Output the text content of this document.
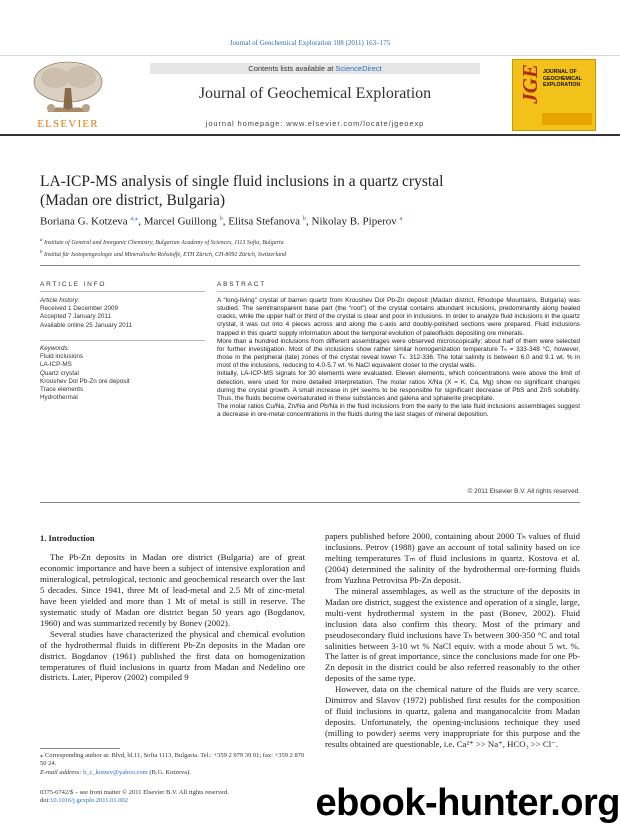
Journal of Geochemical Exploration 108 (2011) 163–175
ELSEVIER
Contents lists available at ScienceDirect
Journal of Geochemical Exploration
journal homepage: www.elsevier.com/locate/jgeoexp
JGE JOURNAL OF GEOCHEMICAL EXPLORATION
LA-ICP-MS analysis of single fluid inclusions in a quartz crystal
(Madan ore district, Bulgaria)
Boriana G. Kotzeva $^{a,⁎}$, Marcel Guillong $^b$, Elitsa Stefanova $^b$, Nikolay B. Piperov $^a$
$^a$ Institute of General and Inorganic Chemistry, Bulgarian Academy of Sciences, 1113 Sofia, Bulgaria
$^b$ Institut für Isotopengeologie und Mineralische Rohstoffe, ETH Zürich, CH-8092 Zürich, Switzerland
ARTICLE INFO	ABSTRACT
Article history:
Received 1 December 2009
Accepted 7 January 2011
Available online 25 January 2011
Keywords:
Fluid inclusions
LA-ICP-MS
Quartz crystal
Kroushev Dol Pb-Zn ore deposit
Trace elements
Hydrothermal

A “long-living” crystal of barren quartz from Kroushev Dol Pb-Zn deposit (Madan district, Rhodope Mountains, Bulgaria) was studied. The semitransparent base part (the “root”) of the crystal contains abundant inclusions, predominantly along healed cracks, while the upper half or third of the crystal is clear and poor in inclusions. In order to analyze fluid inclusions in the quartz crystal, it was cut into 4 pieces across and along the c-axis and doubly-polished sections were prepared. Fluid inclusions trapped in this quartz supply information about the temporal evolution of paleofluids depositing ore minerals.

More than a hundred inclusions from different assemblages were observed microscopically; about half of them were selected for further investigation. Most of the inclusions show rather similar homogenization temperature Tₕ = 333-348 °C, however, those in the peripheral (late) zones of the crystal reveal lower Tₕ: 312-336. The total salinity is between 6.0 and 9.1 wt. % in most of the inclusions, reducing to 4.0-5.7 wt. % NaCl equivalent closer to the crystal walls.

Initially, LA-ICP-MS signals for 30 elements were evaluated. Eleven elements, which concentrations were above the limit of detection, were used for more detailed interpretation. The molar ratios X/Na (X = K, Ca, Mg) show no significant changes during the crystal growth. A small increase in pH seems to be responsible for significant decrease of PbS and ZnS solubility. Thus, the fluids become oversaturated in these substances and galena and sphalerite precipitate.

The molar ratios Cu/Na, Zn/Na and Pb/Na in the fluid inclusions from the early to the late fluid inclusions assemblages suggest a decrease in ore-metal concentrations in the fluids during the last stages of mineral deposition.

© 2011 Elsevier B.V. All rights reserved.
1. Introduction

The Pb-Zn deposits in Madan ore district (Bulgaria) are of great economic importance and have been a subject of intensive exploration and mineralogical, petrological, tectonic and geochemical research over the last 5 decades. Since 1941, three Mt of lead-metal and 2.5 Mt of zinc-metal have been yielded and more than 1 Mt of metal is still in reserve. The systematic study of Madan ore district began 50 years ago (Bogdanov, 1960) and was summarized recently by Bonev (2002).

Several studies have characterized the physical and chemical evolution of the hydrothermal fluids in different Pb-Zn deposits in the Madan ore district. Bogdanov (1961) published the first data on homogenization temperatures of fluid inclusions in quartz from Madan and Nedelino ore districts. Later, Piperov (2002) compiled 9

papers published before 2000, containing about 2000 Tₕ values of fluid inclusions. Petrov (1988) gave an account of total salinity based on ice melting temperatures Tₘ of fluid inclusions in quartz. Kostova et al. (2004) determined the salinity of the hydrothermal ore-forming fluids from Yuzhna Petrovitsa Pb-Zn deposit.

The mineral assemblages, as well as the structure of the deposits in Madan ore district, suggest the existence and operation of a single, large, multi-vent hydrothermal system in the past (Bonev, 2002). Fluid inclusion data also confirm this theory. Most of the primary and pseudosecondary fluid inclusions have Tₕ between 300-350 °C and total salinities between 3-10 wt % NaCl equiv. with a mode about 5 wt. %. The latter is of great importance, since the conclusions made for one Pb-Zn deposit in the district could be also referred reasonably to the other deposits of the same type.

However, data on the chemical nature of the fluids are very scarce. Dimitrov and Slavov (1972) published first results for the composition of fluid inclusions in quartz, galena and manganocalcite from Madan deposits. Unfortunately, the opening-inclusions technique they used (milling to powder) seems very inappropriate for this purpose and the results obtained are questionable, i.e. Ca²⁺ >> Na⁺, HCO₃ >> Cl⁻.

⁎ Corresponding author at: Blvd, bl.11, Sofia 1113, Bulgaria. Tel.: +359 2 979 39 01; fax: +359 2 870 50 24.
E-mail address: b_c_kotzev@yahoo.com (B.G. Kotzeva).
0375-6742/$ – see front matter © 2011 Elsevier B.V. All rights reserved.
doi:10.1016/j.gexplo.2011.01.002	ebook-hunter.org
